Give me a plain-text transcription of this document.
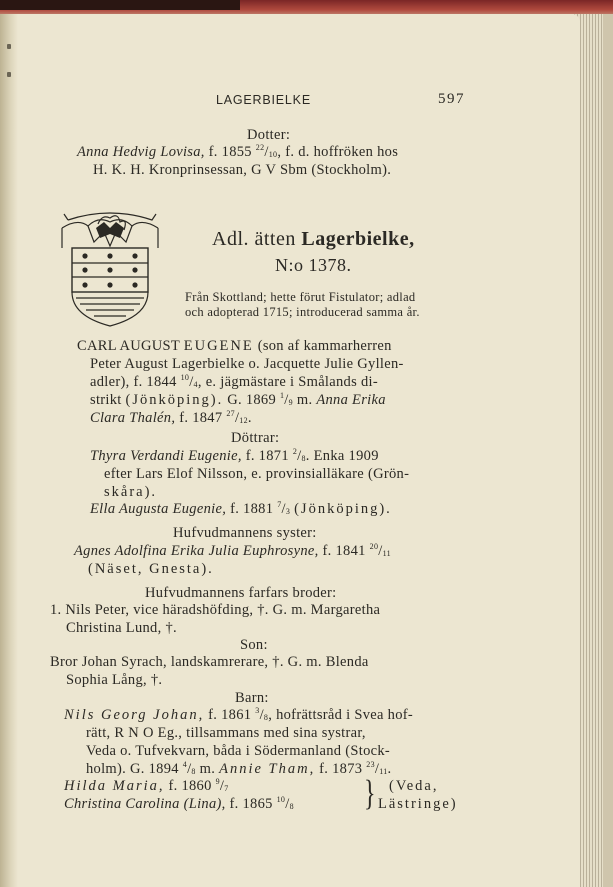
LAGERBIELKE	597
Dotter:
Anna Hedvig Lovisa, f. 1855 $^{22}/_{10}$, f. d. hoffröken hos
H. K. H. Kronprinsessan, G V Sbm (Stockholm).
Adl. ätten Lagerbielke,
N:o 1378.
Från Skottland; hette förut Fistulator; adlad
och adopterad 1715; introducerad samma år.
CARL AUGUST EUGENE (son af kammarherren
Peter August Lagerbielke o. Jacquette Julie Gyllen-
adler), f. 1844 $^{10}/_4$, e. jägmästare i Smålands di-
strikt (Jönköping). G. 1869 $^1/_9$ m. Anna Erika
Clara Thalén, f. 1847 $^{27}/_{12}$.
Döttrar:
Thyra Verdandi Eugenie, f. 1871 $^2/_8$. Enka 1909
efter Lars Elof Nilsson, e. provinsialläkare (Grön-
skåra).
Ella Augusta Eugenie, f. 1881 $^7/_3$ (Jönköping).
Hufvudmannens syster:
Agnes Adolfina Erika Julia Euphrosyne, f. 1841 $^{20}/_{11}$
(Näset, Gnesta).
Hufvudmannens farfars broder:
1. Nils Peter, vice häradshöfding, †. G. m. Margaretha
Christina Lund, †.
Son:
Bror Johan Syrach, landskamrerare, †. G. m. Blenda
Sophia Lång, †.
Barn:
Nils Georg Johan, f. 1861 $^3/_8$, hofrättsråd i Svea hof-
rätt, R N O Eg., tillsammans med sina systrar,
Veda o. Tufvekvarn, båda i Södermanland (Stock-
holm). G. 1894 $^4/_8$ m. Annie Tham, f. 1873 $^{23}/_{11}$.
Hilda Maria, f. 1860 $^9/_7$	(Veda,
Christina Carolina (Lina), f. 1865 $^{10}/_8$	Lästringe)
}
